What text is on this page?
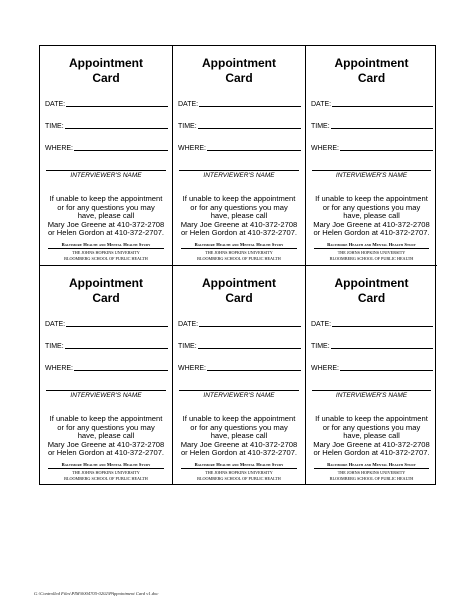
Appointment
Card
DATE:
TIME:
WHERE:
INTERVIEWER'S NAME
If unable to keep the appointment
or for any questions you may
have, please call
Mary Joe Greene at 410-372-2708
or Helen Gordon at 410-372-2707.
Baltimore Health and Mental Health Study
THE JOHNS HOPKINS UNIVERSITY
BLOOMBERG SCHOOL OF PUBLIC HEALTH
Appointment
Card
DATE:
TIME:
WHERE:
INTERVIEWER'S NAME
If unable to keep the appointment
or for any questions you may
have, please call
Mary Joe Greene at 410-372-2708
or Helen Gordon at 410-372-2707.
Baltimore Health and Mental Health Study
THE JOHNS HOPKINS UNIVERSITY
BLOOMBERG SCHOOL OF PUBLIC HEALTH
Appointment
Card
DATE:
TIME:
WHERE:
INTERVIEWER'S NAME
If unable to keep the appointment
or for any questions you may
have, please call
Mary Joe Greene at 410-372-2708
or Helen Gordon at 410-372-2707.
Baltimore Health and Mental Health Study
THE JOHNS HOPKINS UNIVERSITY
BLOOMBERG SCHOOL OF PUBLIC HEALTH
Appointment
Card
DATE:
TIME:
WHERE:
INTERVIEWER'S NAME
If unable to keep the appointment
or for any questions you may
have, please call
Mary Joe Greene at 410-372-2708
or Helen Gordon at 410-372-2707.
Baltimore Health and Mental Health Study
THE JOHNS HOPKINS UNIVERSITY
BLOOMBERG SCHOOL OF PUBLIC HEALTH
Appointment
Card
DATE:
TIME:
WHERE:
INTERVIEWER'S NAME
If unable to keep the appointment
or for any questions you may
have, please call
Mary Joe Greene at 410-372-2708
or Helen Gordon at 410-372-2707.
Baltimore Health and Mental Health Study
THE JOHNS HOPKINS UNIVERSITY
BLOOMBERG SCHOOL OF PUBLIC HEALTH
Appointment
Card
DATE:
TIME:
WHERE:
INTERVIEWER'S NAME
If unable to keep the appointment
or for any questions you may
have, please call
Mary Joe Greene at 410-372-2708
or Helen Gordon at 410-372-2707.
Baltimore Health and Mental Health Study
THE JOHNS HOPKINS UNIVERSITY
BLOOMBERG SCHOOL OF PUBLIC HEALTH
G:\Controlled Files\PIM\0004705-0202\PAppointment Card v1.doc
